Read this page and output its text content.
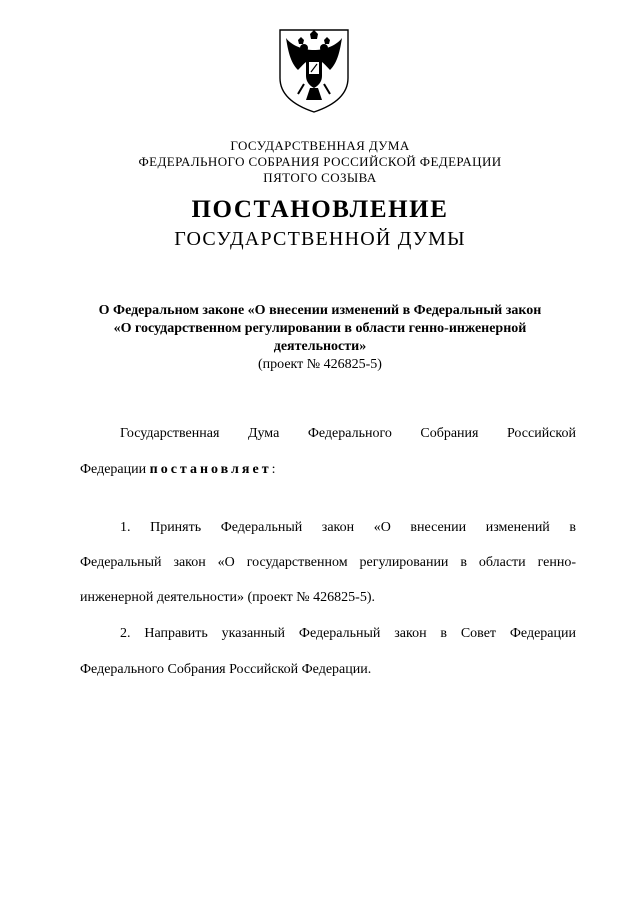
ГОСУДАРСТВЕННАЯ ДУМА
ФЕДЕРАЛЬНОГО СОБРАНИЯ РОССИЙСКОЙ ФЕДЕРАЦИИ
ПЯТОГО СОЗЫВА
ПОСТАНОВЛЕНИЕ
ГОСУДАРСТВЕННОЙ ДУМЫ
О Федеральном законе «О внесении изменений в Федеральный закон
«О государственном регулировании в области генно-инженерной
деятельности»
(проект № 426825-5)
Государственная Дума Федерального Собрания Российской
Федерации постановляет:
1. Принять Федеральный закон «О внесении изменений в
Федеральный закон «О государственном регулировании в области генно-
инженерной деятельности» (проект № 426825-5).
2. Направить указанный Федеральный закон в Совет Федерации
Федерального Собрания Российской Федерации.
